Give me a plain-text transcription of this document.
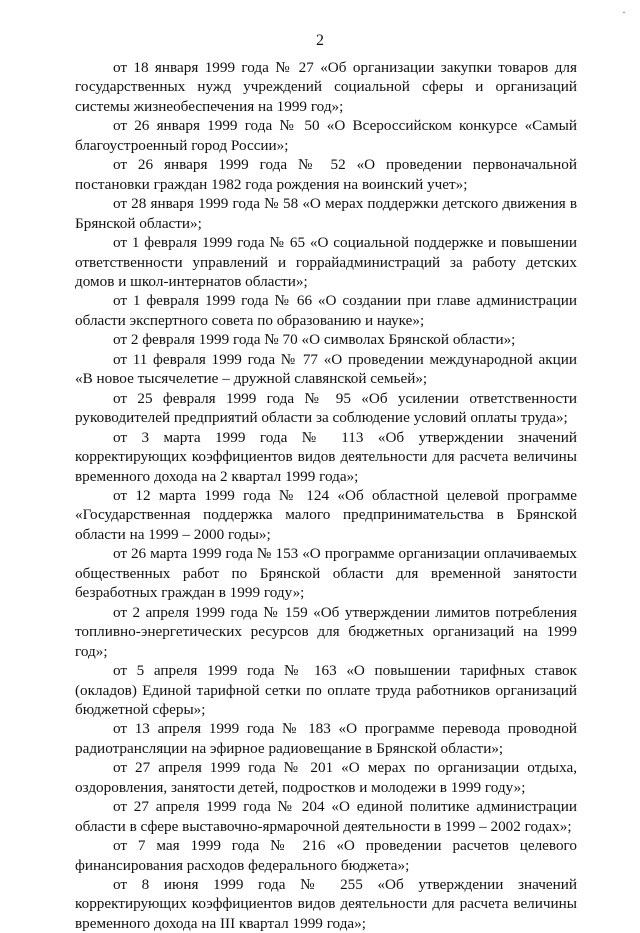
·
2

от 18 января 1999 года № 27 «Об организации закупки товаров для государственных нужд учреждений социальной сферы и организаций системы жизнеобеспечения на 1999 год»;

от 26 января 1999 года № 50 «О Всероссийском конкурсе «Самый благоустроенный город России»;

от 26 января 1999 года № 52 «О проведении первоначальной постановки граждан 1982 года рождения на воинский учет»;

от 28 января 1999 года № 58 «О мерах поддержки детского движения в Брянской области»;

от 1 февраля 1999 года № 65 «О социальной поддержке и повышении ответственности управлений и горрайадминистраций за работу детских домов и школ-интернатов области»;

от 1 февраля 1999 года № 66 «О создании при главе администрации области экспертного совета по образованию и науке»;

от 2 февраля 1999 года № 70 «О символах Брянской области»;

от 11 февраля 1999 года № 77 «О проведении международной акции «В новое тысячелетие – дружной славянской семьей»;

от 25 февраля 1999 года № 95 «Об усилении ответственности руководителей предприятий области за соблюдение условий оплаты труда»;

от 3 марта 1999 года № 113 «Об утверждении значений корректирующих коэффициентов видов деятельности для расчета величины временного дохода на 2 квартал 1999 года»;

от 12 марта 1999 года № 124 «Об областной целевой программе «Государственная поддержка малого предпринимательства в Брянской области на 1999 – 2000 годы»;

от 26 марта 1999 года № 153 «О программе организации оплачиваемых общественных работ по Брянской области для временной занятости безработных граждан в 1999 году»;

от 2 апреля 1999 года № 159 «Об утверждении лимитов потребления топливно-энергетических ресурсов для бюджетных организаций на 1999 год»;

от 5 апреля 1999 года № 163 «О повышении тарифных ставок (окладов) Единой тарифной сетки по оплате труда работников организаций бюджетной сферы»;

от 13 апреля 1999 года № 183 «О программе перевода проводной радиотрансляции на эфирное радиовещание в Брянской области»;

от 27 апреля 1999 года № 201 «О мерах по организации отдыха, оздоровления, занятости детей, подростков и молодежи в 1999 году»;

от 27 апреля 1999 года № 204 «О единой политике администрации области в сфере выставочно-ярмарочной деятельности в 1999 – 2002 годах»;

от 7 мая 1999 года № 216 «О проведении расчетов целевого финансирования расходов федерального бюджета»;

от 8 июня 1999 года № 255 «Об утверждении значений корректирующих коэффициентов видов деятельности для расчета величины временного дохода на III квартал 1999 года»;
